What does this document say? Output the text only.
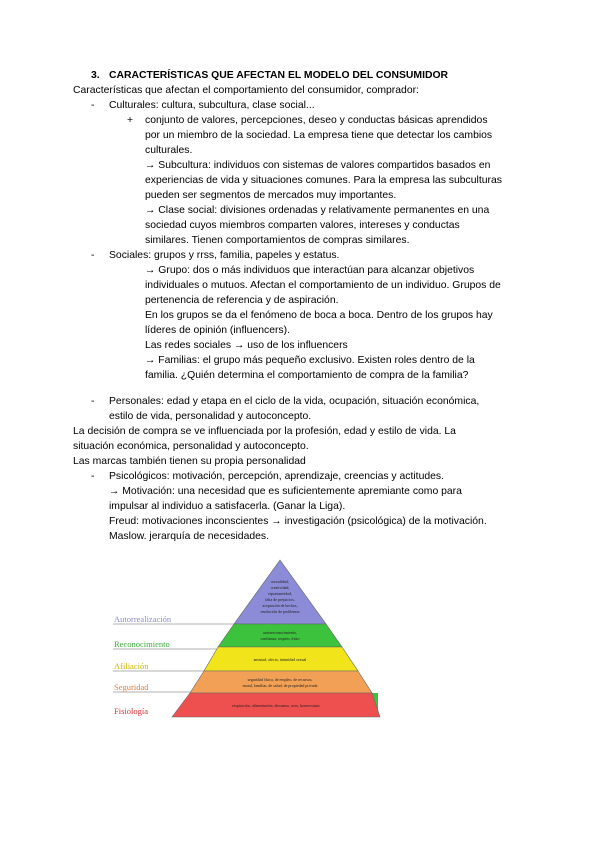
3. CARACTERÍSTICAS QUE AFECTAN EL MODELO DEL CONSUMIDOR
Características que afectan el comportamiento del consumidor, comprador:
- Culturales: cultura, subcultura, clase social...
+ conjunto de valores, percepciones, deseo y conductas básicas aprendidos
por un miembro de la sociedad. La empresa tiene que detectar los cambios
culturales.
→ Subcultura: individuos con sistemas de valores compartidos basados en
experiencias de vida y situaciones comunes. Para la empresa las subculturas
pueden ser segmentos de mercados muy importantes.
→ Clase social: divisiones ordenadas y relativamente permanentes en una
sociedad cuyos miembros comparten valores, intereses y conductas
similares. Tienen comportamientos de compras similares.
- Sociales: grupos y rrss, familia, papeles y estatus.
→ Grupo: dos o más individuos que interactúan para alcanzar objetivos
individuales o mutuos. Afectan el comportamiento de un individuo. Grupos de
pertenencia de referencia y de aspiración.
En los grupos se da el fenómeno de boca a boca. Dentro de los grupos hay
líderes de opinión (influencers).
Las redes sociales → uso de los influencers
→ Familias: el grupo más pequeño exclusivo. Existen roles dentro de la
familia. ¿Quién determina el comportamiento de compra de la familia?
- Personales: edad y etapa en el ciclo de la vida, ocupación, situación económica,
estilo de vida, personalidad y autoconcepto.
La decisión de compra se ve influenciada por la profesión, edad y estilo de vida. La
situación económica, personalidad y autoconcepto.
Las marcas también tienen su propia personalidad
- Psicológicos: motivación, percepción, aprendizaje, creencias y actitudes.
→ Motivación: una necesidad que es suficientemente apremiante como para
impulsar al individuo a satisfacerla. (Ganar la Liga).
Freud: motivaciones inconscientes → investigación (psicológica) de la motivación.
Maslow. jerarquía de necesidades.
Autorrealización
Reconocimiento
Afiliación
Seguridad
Fisiología
moralidad,
creatividad,
espontaneidad,
falta de prejuicios,
aceptación de hechos,
resolución de problemas
autorreconocimiento,
confianza, respeto, éxito
amistad, afecto, intimidad sexual
seguridad física, de empleo, de recursos,
moral, familiar, de salud, de propiedad privada
respiración, alimentación, descanso, sexo, homeostasis
